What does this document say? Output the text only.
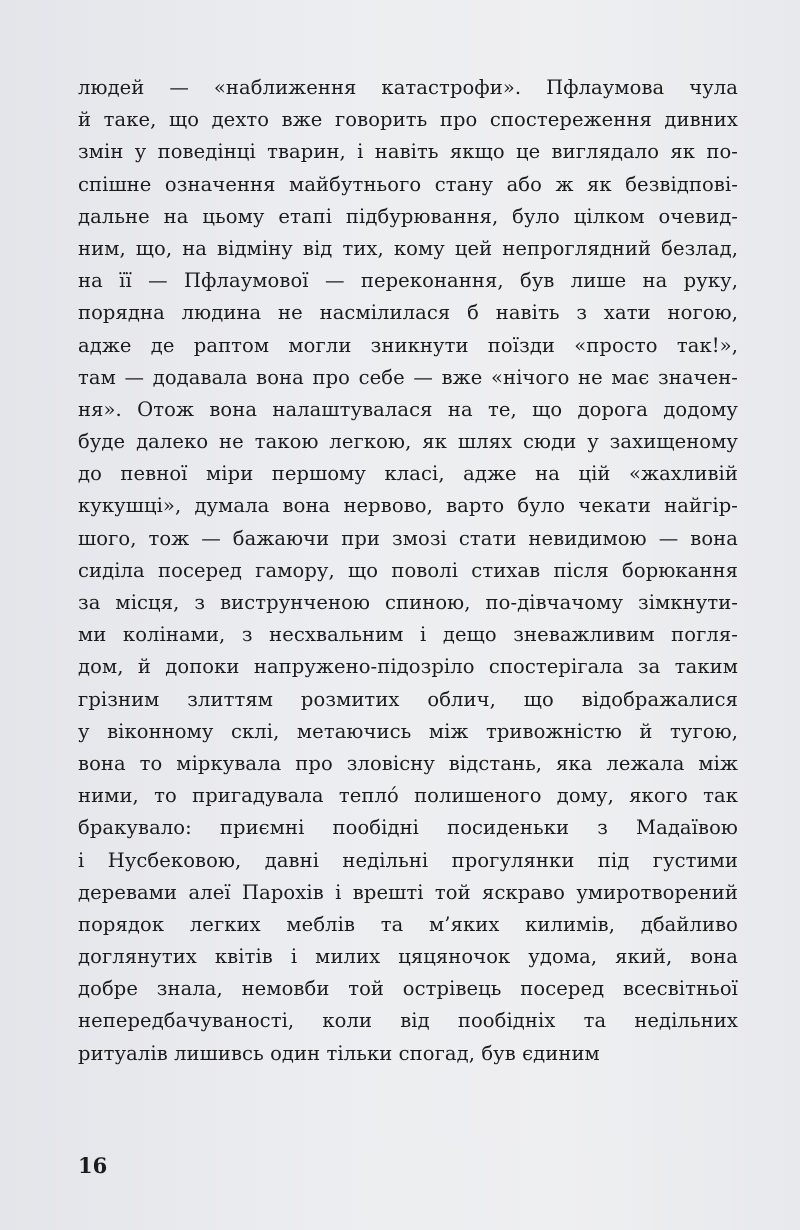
людей — «наближення катастрофи». Пфлаумова чула
й таке, що дехто вже говорить про спостереження дивних
змін у поведінці тварин, і навіть якщо це виглядало як по-
спішне означення майбутнього стану або ж як безвідпові-
дальне на цьому етапі підбурювання, було цілком очевид-
ним, що, на відміну від тих, кому цей непроглядний безлад,
на її — Пфлаумової — переконання, був лише на руку,
порядна людина не насмілилася б навіть з хати ногою,
адже де раптом могли зникнути поїзди «просто так!»,
там — додавала вона про себе — вже «нічого не має значен-
ня». Отож вона налаштувалася на те, що дорога додому
буде далеко не такою легкою, як шлях сюди у захищеному
до певної міри першому класі, адже на цій «жахливій
кукушці», думала вона нервово, варто було чекати найгір-
шого, тож — бажаючи при змозі стати невидимою — вона
сиділа посеред гамору, що поволі стихав після борюкання
за місця, з виструнченою спиною, по-дівчачому зімкнути-
ми колінами, з несхвальним і дещо зневажливим погля-
дом, й допоки напружено-підозріло спостерігала за таким
грізним злиттям розмитих облич, що відображалися
у віконному склі, метаючись між тривожністю й тугою,
вона то міркувала про зловісну відстань, яка лежала між
ними, то пригадувала теплó полишеного дому, якого так
бракувало: приємні пообідні посиденьки з Мадаївою
і Нусбековою, давні недільні прогулянки під густими
деревами алеї Парохів і врешті той яскраво умиротворений
порядок легких меблів та м’яких килимів, дбайливо
доглянутих квітів і милих цяцяночок удома, який, вона
добре знала, немовби той острівець посеред всесвітньої
непередбачуваності, коли від пообідніх та недільних
ритуалів лишивсь один тільки спогад, був єдиним
16
